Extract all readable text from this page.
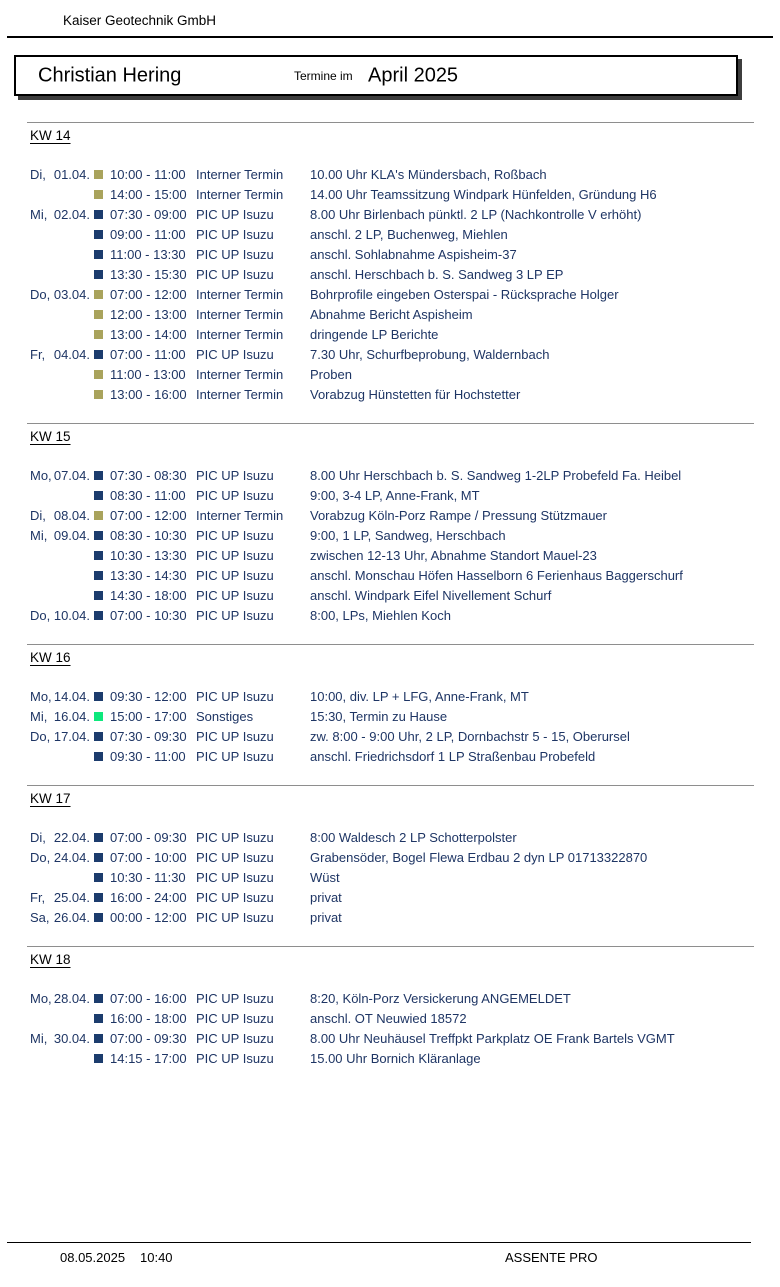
Kaiser Geotechnik GmbH
Christian Hering	Termine im April 2025
KW 14
Di, 01.04. 10:00 - 11:00 Interner Termin	10.00 Uhr KLA's Mündersbach, Roßbach
14:00 - 15:00 Interner Termin	14.00 Uhr Teamssitzung Windpark Hünfelden, Gründung H6
Mi, 02.04. 07:30 - 09:00 PIC UP Isuzu	8.00 Uhr Birlenbach pünktl. 2 LP (Nachkontrolle V erhöht)
09:00 - 11:00 PIC UP Isuzu	anschl. 2 LP, Buchenweg, Miehlen
11:00 - 13:30 PIC UP Isuzu	anschl. Sohlabnahme Aspisheim-37
13:30 - 15:30 PIC UP Isuzu	anschl. Herschbach b. S. Sandweg 3 LP EP
Do, 03.04. 07:00 - 12:00 Interner Termin	Bohrprofile eingeben Osterspai - Rücksprache Holger
12:00 - 13:00 Interner Termin	Abnahme Bericht Aspisheim
13:00 - 14:00 Interner Termin	dringende LP Berichte
Fr, 04.04. 07:00 - 11:00 PIC UP Isuzu	7.30 Uhr, Schurfbeprobung, Waldernbach
11:00 - 13:00 Interner Termin	Proben
13:00 - 16:00 Interner Termin	Vorabzug Hünstetten für Hochstetter
KW 15
Mo, 07.04. 07:30 - 08:30 PIC UP Isuzu	8.00 Uhr Herschbach b. S. Sandweg 1-2LP Probefeld Fa. Heibel
08:30 - 11:00 PIC UP Isuzu	9:00, 3-4 LP, Anne-Frank, MT
Di, 08.04. 07:00 - 12:00 Interner Termin	Vorabzug Köln-Porz Rampe / Pressung Stützmauer
Mi, 09.04. 08:30 - 10:30 PIC UP Isuzu	9:00, 1 LP, Sandweg, Herschbach
10:30 - 13:30 PIC UP Isuzu	zwischen 12-13 Uhr, Abnahme Standort Mauel-23
13:30 - 14:30 PIC UP Isuzu	anschl. Monschau Höfen Hasselborn 6 Ferienhaus Baggerschurf
14:30 - 18:00 PIC UP Isuzu	anschl. Windpark Eifel Nivellement Schurf
Do, 10.04. 07:00 - 10:30 PIC UP Isuzu	8:00, LPs, Miehlen Koch
KW 16
Mo, 14.04. 09:30 - 12:00 PIC UP Isuzu	10:00, div. LP + LFG, Anne-Frank, MT
Mi, 16.04. 15:00 - 17:00 Sonstiges	15:30, Termin zu Hause
Do, 17.04. 07:30 - 09:30 PIC UP Isuzu	zw. 8:00 - 9:00 Uhr, 2 LP, Dornbachstr 5 - 15, Oberursel
09:30 - 11:00 PIC UP Isuzu	anschl. Friedrichsdorf 1 LP Straßenbau Probefeld
KW 17
Di, 22.04. 07:00 - 09:30 PIC UP Isuzu	8:00 Waldesch 2 LP Schotterpolster
Do, 24.04. 07:00 - 10:00 PIC UP Isuzu	Grabensöder, Bogel Flewa Erdbau 2 dyn LP 01713322870
10:30 - 11:30 PIC UP Isuzu	Wüst
Fr, 25.04. 16:00 - 24:00 PIC UP Isuzu	privat
Sa, 26.04. 00:00 - 12:00 PIC UP Isuzu	privat
KW 18
Mo, 28.04. 07:00 - 16:00 PIC UP Isuzu	8:20, Köln-Porz Versickerung ANGEMELDET
16:00 - 18:00 PIC UP Isuzu	anschl. OT Neuwied 18572
Mi, 30.04. 07:00 - 09:30 PIC UP Isuzu	8.00 Uhr Neuhäusel Treffpkt Parkplatz OE Frank Bartels VGMT
14:15 - 17:00 PIC UP Isuzu	15.00 Uhr Bornich Kläranlage
08.05.2025 10:40	ASSENTE PRO
